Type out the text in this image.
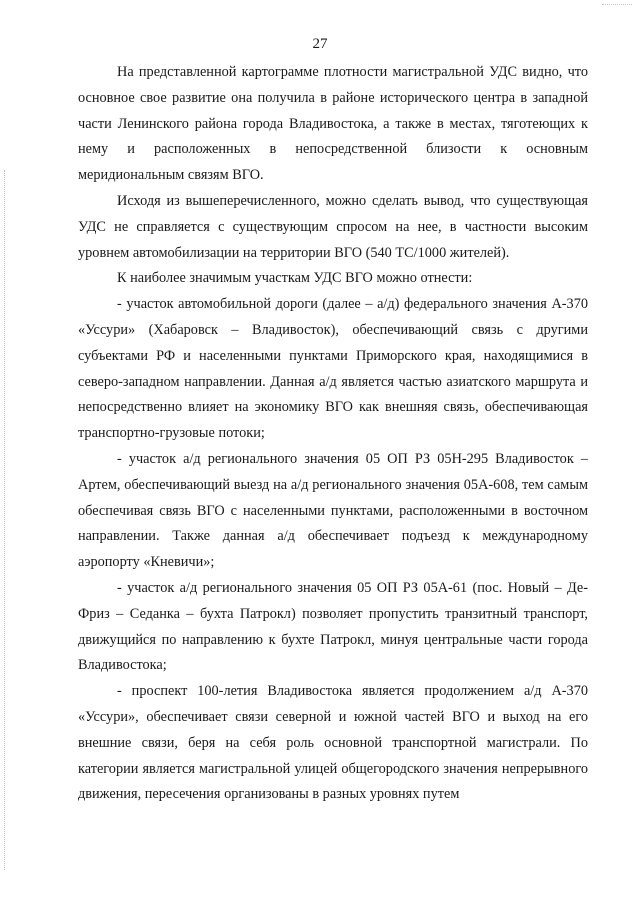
27

На представленной картограмме плотности магистральной УДС видно, что основное свое развитие она получила в районе исторического центра в западной части Ленинского района города Владивостока, а также в местах, тяготеющих к нему и расположенных в непосредственной близости к основным меридиональным связям ВГО.

Исходя из вышеперечисленного, можно сделать вывод, что существующая УДС не справляется с существующим спросом на нее, в частности высоким уровнем автомобилизации на территории ВГО (540 ТС/1000 жителей).

К наиболее значимым участкам УДС ВГО можно отнести:

- участок автомобильной дороги (далее – а/д) федерального значения А-370 «Уссури» (Хабаровск – Владивосток), обеспечивающий связь с другими субъектами РФ и населенными пунктами Приморского края, находящимися в северо-западном направлении. Данная а/д является частью азиатского маршрута и непосредственно влияет на экономику ВГО как внешняя связь, обеспечивающая транспортно-грузовые потоки;

- участок а/д регионального значения 05 ОП РЗ 05Н-295 Владивосток – Артем, обеспечивающий выезд на а/д регионального значения 05А-608, тем самым обеспечивая связь ВГО с населенными пунктами, расположенными в восточном направлении. Также данная а/д обеспечивает подъезд к международному аэропорту «Кневичи»;

- участок а/д регионального значения 05 ОП РЗ 05А-61 (пос. Новый – Де-Фриз – Седанка – бухта Патрокл) позволяет пропустить транзитный транспорт, движущийся по направлению к бухте Патрокл, минуя центральные части города Владивостока;

- проспект 100-летия Владивостока является продолжением а/д А-370 «Уссури», обеспечивает связи северной и южной частей ВГО и выход на его внешние связи, беря на себя роль основной транспортной магистрали. По категории является магистральной улицей общегородского значения непрерывного движения, пересечения организованы в разных уровнях путем
